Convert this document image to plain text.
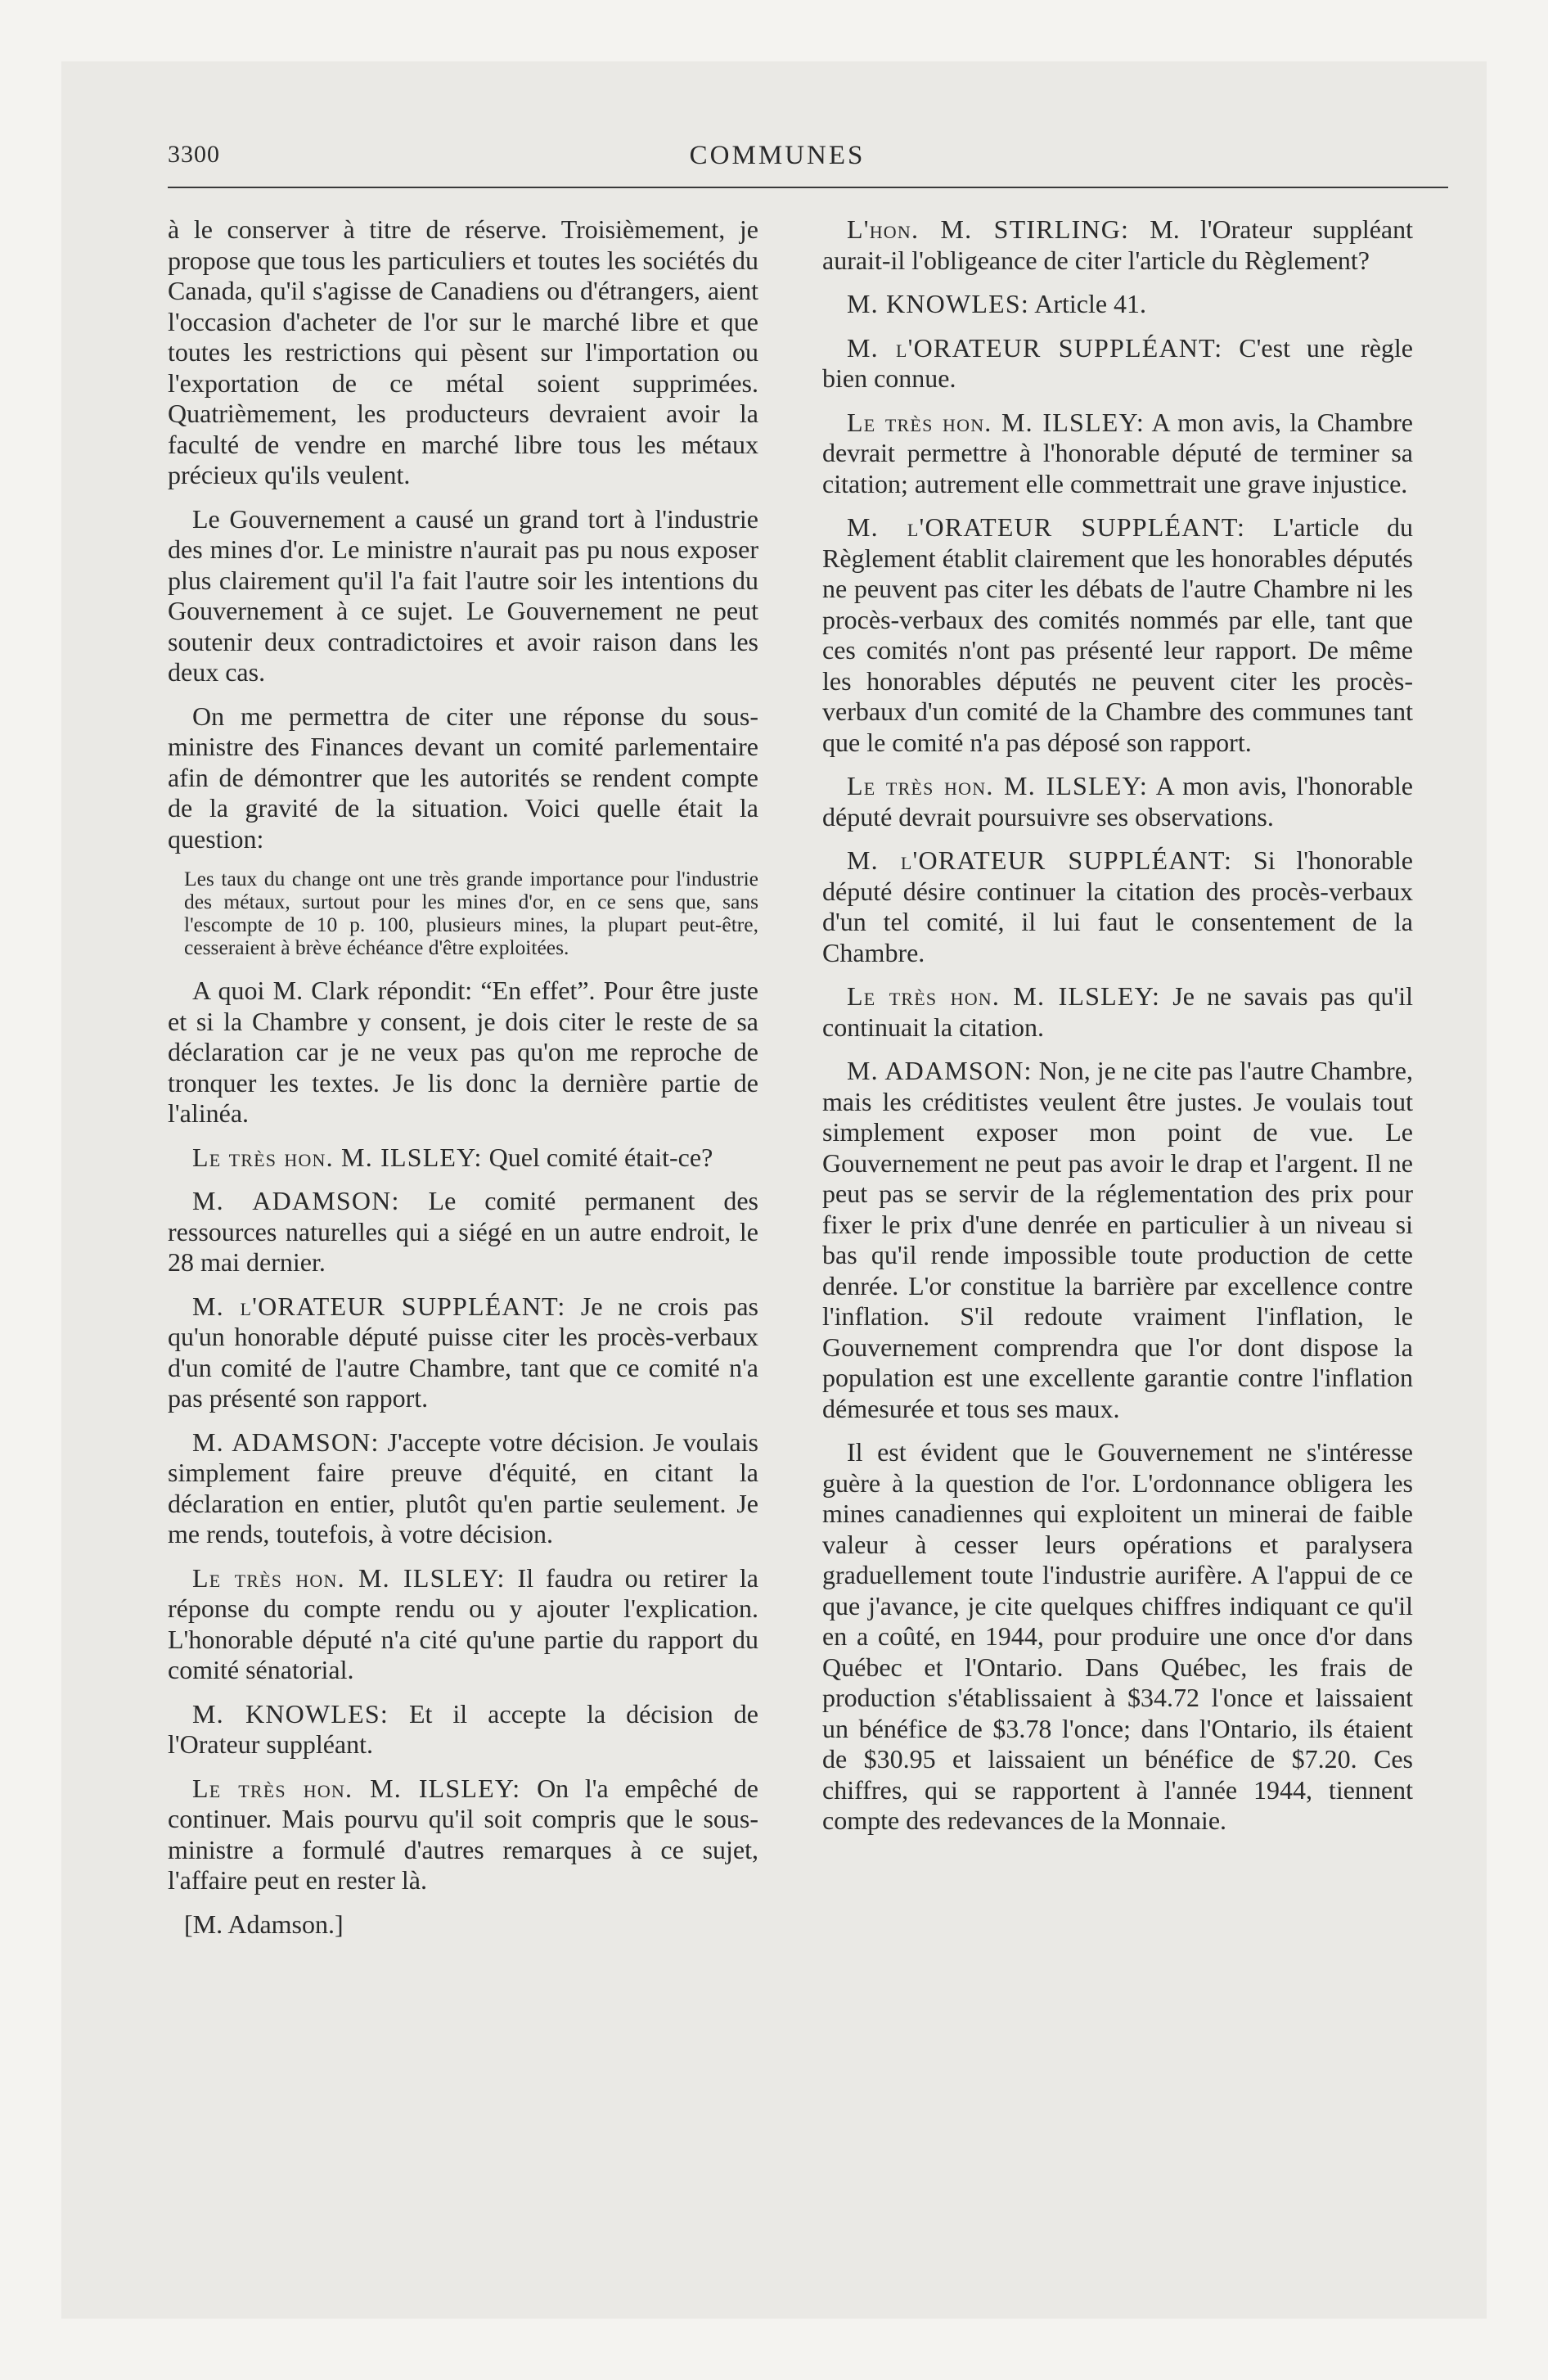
3300	COMMUNES

à le conserver à titre de réserve. Troisièmement, je propose que tous les particuliers et toutes les sociétés du Canada, qu'il s'agisse de Canadiens ou d'étrangers, aient l'occasion d'acheter de l'or sur le marché libre et que toutes les restrictions qui pèsent sur l'importation ou l'exportation de ce métal soient supprimées. Quatrièmement, les producteurs devraient avoir la faculté de vendre en marché libre tous les métaux précieux qu'ils veulent.

Le Gouvernement a causé un grand tort à l'industrie des mines d'or. Le ministre n'aurait pas pu nous exposer plus clairement qu'il l'a fait l'autre soir les intentions du Gouvernement à ce sujet. Le Gouvernement ne peut soutenir deux contradictoires et avoir raison dans les deux cas.

On me permettra de citer une réponse du sous-ministre des Finances devant un comité parlementaire afin de démontrer que les autorités se rendent compte de la gravité de la situation. Voici quelle était la question:

Les taux du change ont une très grande importance pour l'industrie des métaux, surtout pour les mines d'or, en ce sens que, sans l'escompte de 10 p. 100, plusieurs mines, la plupart peut-être, cesseraient à brève échéance d'être exploitées.

A quoi M. Clark répondit: “En effet”. Pour être juste et si la Chambre y consent, je dois citer le reste de sa déclaration car je ne veux pas qu'on me reproche de tronquer les textes. Je lis donc la dernière partie de l'alinéa.

Le très hon. M. ILSLEY: Quel comité était-ce?

M. ADAMSON: Le comité permanent des ressources naturelles qui a siégé en un autre endroit, le 28 mai dernier.

M. l'ORATEUR SUPPLÉANT: Je ne crois pas qu'un honorable député puisse citer les procès-verbaux d'un comité de l'autre Chambre, tant que ce comité n'a pas présenté son rapport.

M. ADAMSON: J'accepte votre décision. Je voulais simplement faire preuve d'équité, en citant la déclaration en entier, plutôt qu'en partie seulement. Je me rends, toutefois, à votre décision.

Le très hon. M. ILSLEY: Il faudra ou retirer la réponse du compte rendu ou y ajouter l'explication. L'honorable député n'a cité qu'une partie du rapport du comité sénatorial.

M. KNOWLES: Et il accepte la décision de l'Orateur suppléant.

Le très hon. M. ILSLEY: On l'a empêché de continuer. Mais pourvu qu'il soit compris que le sous-ministre a formulé d'autres remarques à ce sujet, l'affaire peut en rester là.

[M. Adamson.]

L'hon. M. STIRLING: M. l'Orateur suppléant aurait-il l'obligeance de citer l'article du Règlement?

M. KNOWLES: Article 41.

M. l'ORATEUR SUPPLÉANT: C'est une règle bien connue.

Le très hon. M. ILSLEY: A mon avis, la Chambre devrait permettre à l'honorable député de terminer sa citation; autrement elle commettrait une grave injustice.

M. l'ORATEUR SUPPLÉANT: L'article du Règlement établit clairement que les honorables députés ne peuvent pas citer les débats de l'autre Chambre ni les procès-verbaux des comités nommés par elle, tant que ces comités n'ont pas présenté leur rapport. De même les honorables députés ne peuvent citer les procès-verbaux d'un comité de la Chambre des communes tant que le comité n'a pas déposé son rapport.

Le très hon. M. ILSLEY: A mon avis, l'honorable député devrait poursuivre ses observations.

M. l'ORATEUR SUPPLÉANT: Si l'honorable député désire continuer la citation des procès-verbaux d'un tel comité, il lui faut le consentement de la Chambre.

Le très hon. M. ILSLEY: Je ne savais pas qu'il continuait la citation.

M. ADAMSON: Non, je ne cite pas l'autre Chambre, mais les créditistes veulent être justes. Je voulais tout simplement exposer mon point de vue. Le Gouvernement ne peut pas avoir le drap et l'argent. Il ne peut pas se servir de la réglementation des prix pour fixer le prix d'une denrée en particulier à un niveau si bas qu'il rende impossible toute production de cette denrée. L'or constitue la barrière par excellence contre l'inflation. S'il redoute vraiment l'inflation, le Gouvernement comprendra que l'or dont dispose la population est une excellente garantie contre l'inflation démesurée et tous ses maux.

Il est évident que le Gouvernement ne s'intéresse guère à la question de l'or. L'ordonnance obligera les mines canadiennes qui exploitent un minerai de faible valeur à cesser leurs opérations et paralysera graduellement toute l'industrie aurifère. A l'appui de ce que j'avance, je cite quelques chiffres indiquant ce qu'il en a coûté, en 1944, pour produire une once d'or dans Québec et l'Ontario. Dans Québec, les frais de production s'établissaient à $34.72 l'once et laissaient un bénéfice de $3.78 l'once; dans l'Ontario, ils étaient de $30.95 et laissaient un bénéfice de $7.20. Ces chiffres, qui se rapportent à l'année 1944, tiennent compte des redevances de la Monnaie.
